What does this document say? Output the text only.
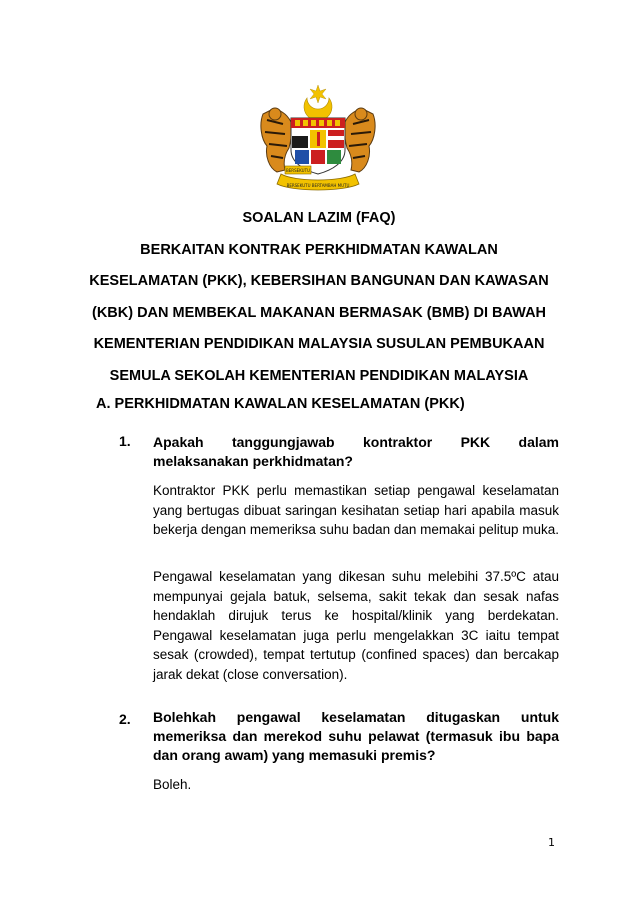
BERSEKUTU
BERSEKUTU BERTAMBAH MUTU
SOALAN LAZIM (FAQ)
BERKAITAN KONTRAK PERKHIDMATAN KAWALAN
KESELAMATAN (PKK), KEBERSIHAN BANGUNAN DAN KAWASAN
(KBK) DAN MEMBEKAL MAKANAN BERMASAK (BMB) DI BAWAH
KEMENTERIAN PENDIDIKAN MALAYSIA SUSULAN PEMBUKAAN
SEMULA SEKOLAH KEMENTERIAN PENDIDIKAN MALAYSIA
A. PERKHIDMATAN KAWALAN KESELAMATAN (PKK)
1. Apakah tanggungjawab kontraktor PKK dalam melaksanakan perkhidmatan?
Kontraktor PKK perlu memastikan setiap pengawal keselamatan yang bertugas dibuat saringan kesihatan setiap hari apabila masuk bekerja dengan memeriksa suhu badan dan memakai pelitup muka.
Pengawal keselamatan yang dikesan suhu melebihi 37.5ºC atau mempunyai gejala batuk, selsema, sakit tekak dan sesak nafas hendaklah dirujuk terus ke hospital/klinik yang berdekatan. Pengawal keselamatan juga perlu mengelakkan 3C iaitu tempat sesak (crowded), tempat tertutup (confined spaces) dan bercakap jarak dekat (close conversation).
2. Bolehkah pengawal keselamatan ditugaskan untuk memeriksa dan merekod suhu pelawat (termasuk ibu bapa dan orang awam) yang memasuki premis?
Boleh.
1
